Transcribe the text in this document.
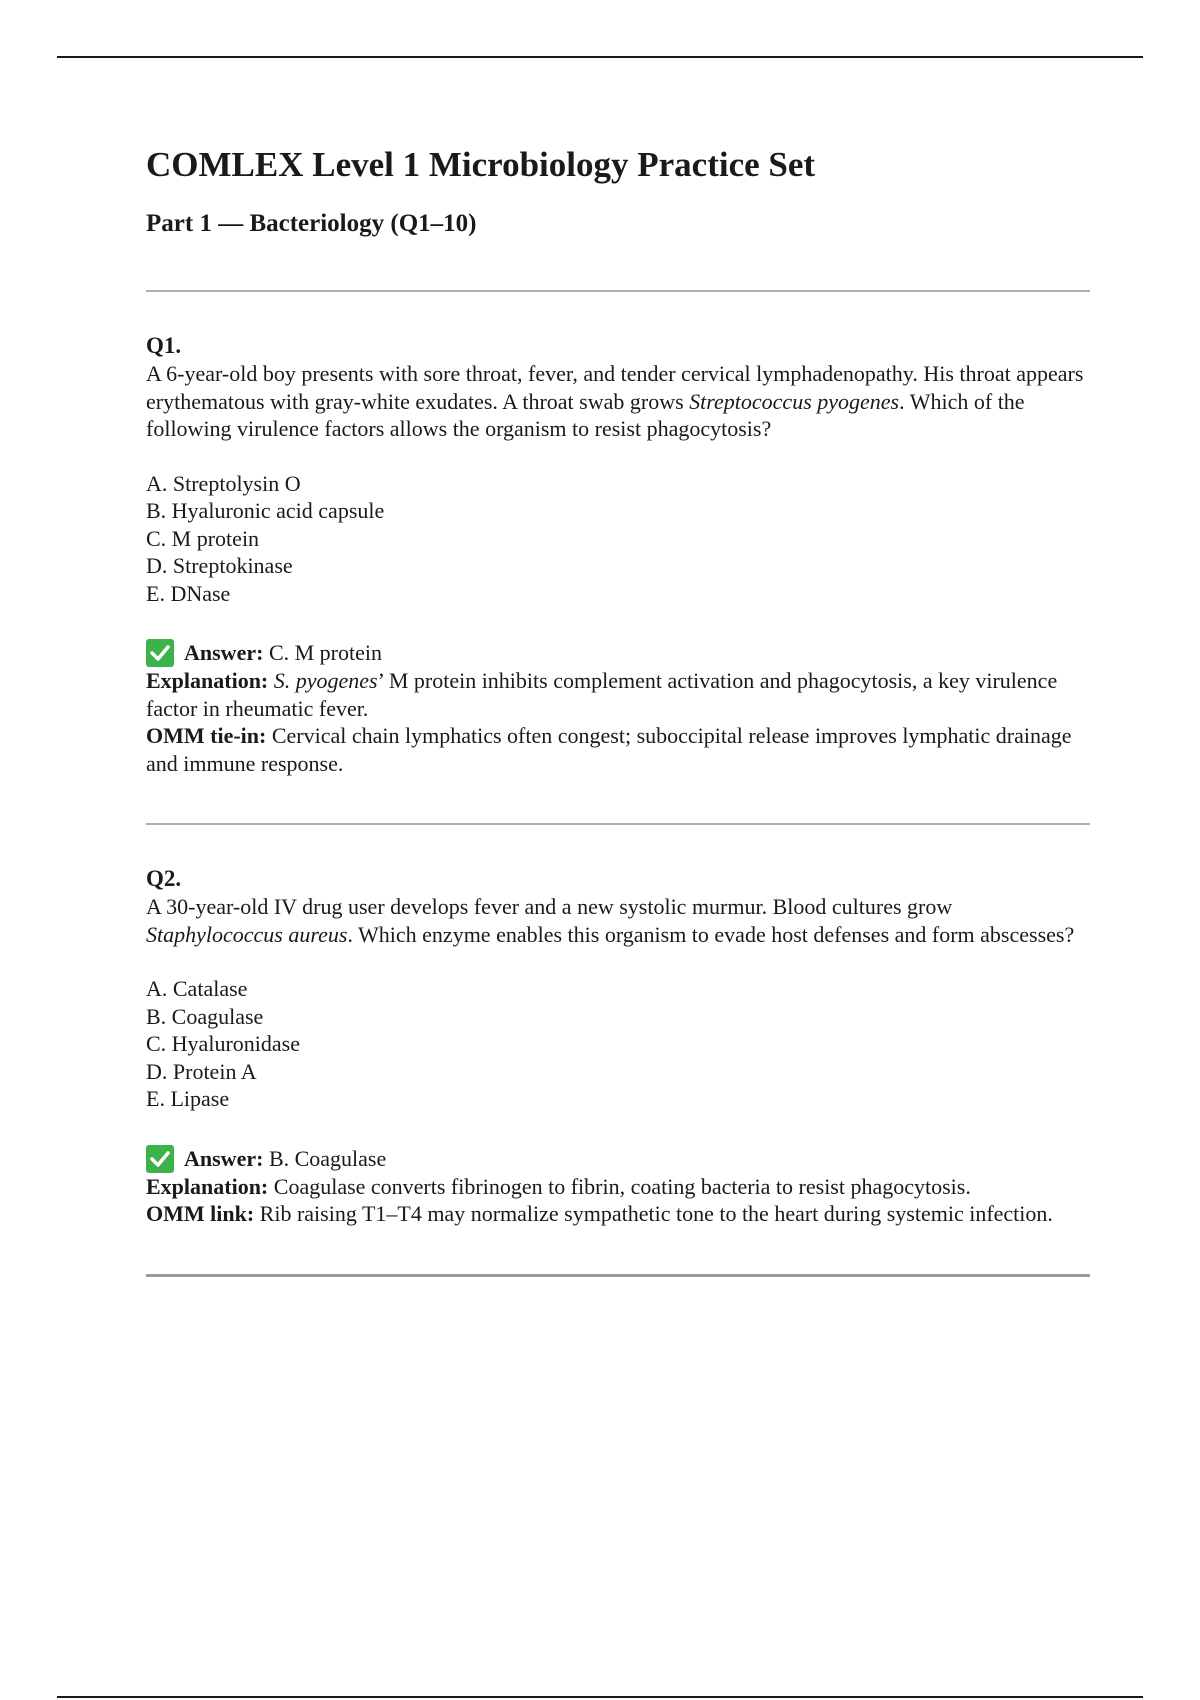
COMLEX Level 1 Microbiology Practice Set
Part 1 — Bacteriology (Q1–10)
Q1.
A 6-year-old boy presents with sore throat, fever, and tender cervical lymphadenopathy. His throat appears erythematous with gray-white exudates. A throat swab grows Streptococcus pyogenes. Which of the following virulence factors allows the organism to resist phagocytosis?
A. Streptolysin O
B. Hyaluronic acid capsule
C. M protein
D. Streptokinase
E. DNase
Answer:
C. M protein
Explanation: S. pyogenes’ M protein inhibits complement activation and phagocytosis, a key virulence factor in rheumatic fever.
OMM tie-in: Cervical chain lymphatics often congest; suboccipital release improves lymphatic drainage and immune response.
Q2.
A 30-year-old IV drug user develops fever and a new systolic murmur. Blood cultures grow Staphylococcus aureus. Which enzyme enables this organism to evade host defenses and form abscesses?
A. Catalase
B. Coagulase
C. Hyaluronidase
D. Protein A
E. Lipase
Answer:
B. Coagulase
Explanation: Coagulase converts fibrinogen to fibrin, coating bacteria to resist phagocytosis.
OMM link: Rib raising T1–T4 may normalize sympathetic tone to the heart during systemic infection.
